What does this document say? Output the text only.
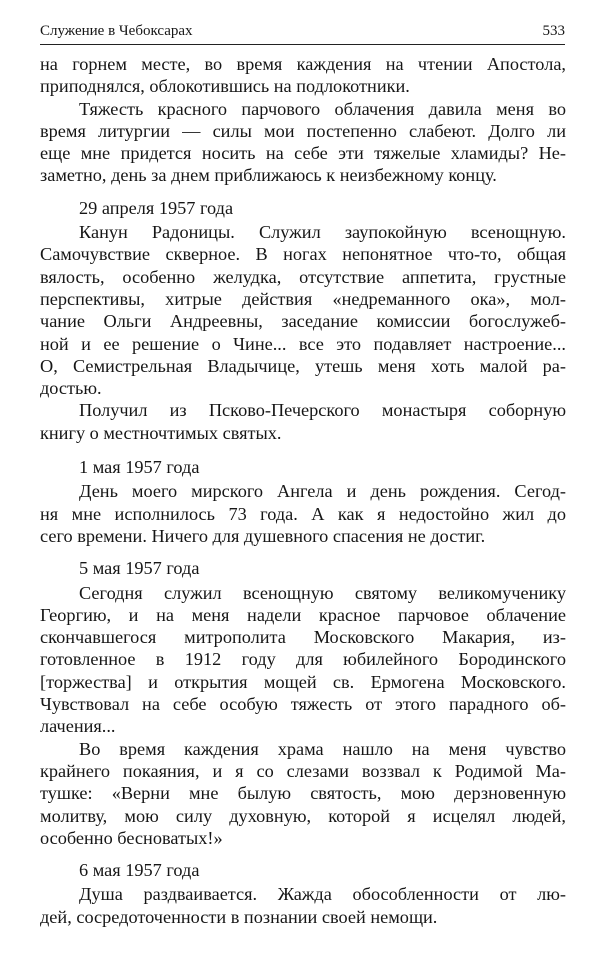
Служение в Чебоксарах	533
на горнем месте, во время каждения на чтении Апостола,
приподнялся, облокотившись на подлокотники.
Тяжесть красного парчового облачения давила меня во
время литургии — силы мои постепенно слабеют. Долго ли
еще мне придется носить на себе эти тяжелые хламиды? Не-
заметно, день за днем приближаюсь к неизбежному концу.
29 апреля 1957 года
Канун Радоницы. Служил заупокойную всенощную.
Самочувствие скверное. В ногах непонятное что-то, общая
вялость, особенно желудка, отсутствие аппетита, грустные
перспективы, хитрые действия «недреманного ока», мол-
чание Ольги Андреевны, заседание комиссии богослужеб-
ной и ее решение о Чине... все это подавляет настроение...
О, Семистрельная Владычице, утешь меня хоть малой ра-
достью.
Получил из Псково-Печерского монастыря соборную
книгу о местночтимых святых.
1 мая 1957 года
День моего мирского Ангела и день рождения. Сегод-
ня мне исполнилось 73 года. А как я недостойно жил до
сего времени. Ничего для душевного спасения не достиг.
5 мая 1957 года
Сегодня служил всенощную святому великомученику
Георгию, и на меня надели красное парчовое облачение
скончавшегося митрополита Московского Макария, из-
готовленное в 1912 году для юбилейного Бородинского
[торжества] и открытия мощей св. Ермогена Московского.
Чувствовал на себе особую тяжесть от этого парадного об-
лачения...
Во время каждения храма нашло на меня чувство
крайнего покаяния, и я со слезами воззвал к Родимой Ма-
тушке: «Верни мне былую святость, мою дерзновенную
молитву, мою силу духовную, которой я исцелял людей,
особенно бесноватых!»
6 мая 1957 года
Душа раздваивается. Жажда обособленности от лю-
дей, сосредоточенности в познании своей немощи.
